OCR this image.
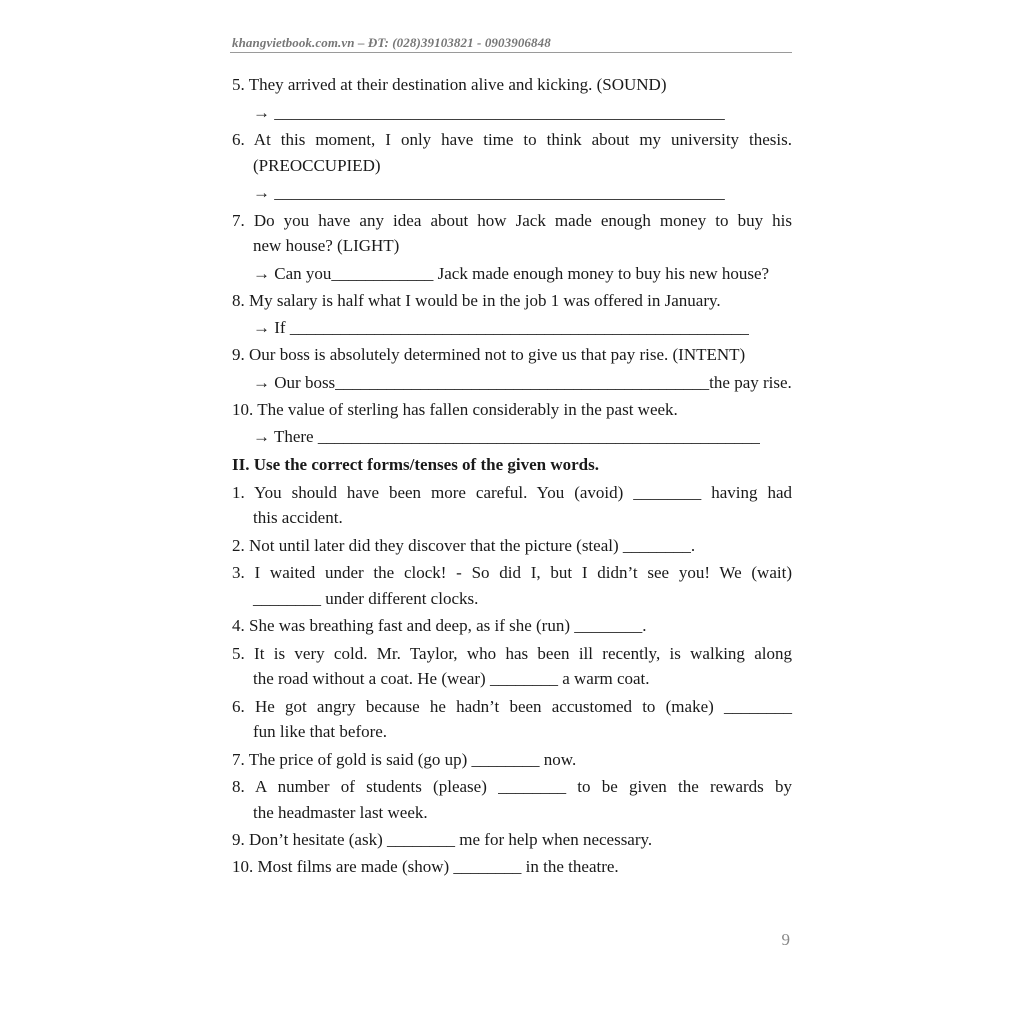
khangvietbook.com.vn – ĐT: (028)39103821 - 0903906848
5. They arrived at their destination alive and kicking. (SOUND)
→ _____________________________________________________
6. At this moment, I only have time to think about my university thesis.
(PREOCCUPIED)
→ _____________________________________________________
7. Do you have any idea about how Jack made enough money to buy his
new house? (LIGHT)
→ Can you____________ Jack made enough money to buy his new house?
8. My salary is half what I would be in the job 1 was offered in January.
→ If ______________________________________________________
9. Our boss is absolutely determined not to give us that pay rise. (INTENT)
→ Our boss____________________________________________the pay rise.
10. The value of sterling has fallen considerably in the past week.
→ There ____________________________________________________
II. Use the correct forms/tenses of the given words.
1. You should have been more careful. You (avoid) ________ having had
this accident.
2. Not until later did they discover that the picture (steal) ________.
3. I waited under the clock! - So did I, but I didn’t see you! We (wait)
________ under different clocks.
4. She was breathing fast and deep, as if she (run) ________.
5. It is very cold. Mr. Taylor, who has been ill recently, is walking along
the road without a coat. He (wear) ________ a warm coat.
6. He got angry because he hadn’t been accustomed to (make) ________
fun like that before.
7. The price of gold is said (go up) ________ now.
8. A number of students (please) ________ to be given the rewards by
the headmaster last week.
9. Don’t hesitate (ask) ________ me for help when necessary.
10. Most films are made (show) ________ in the theatre.
9
